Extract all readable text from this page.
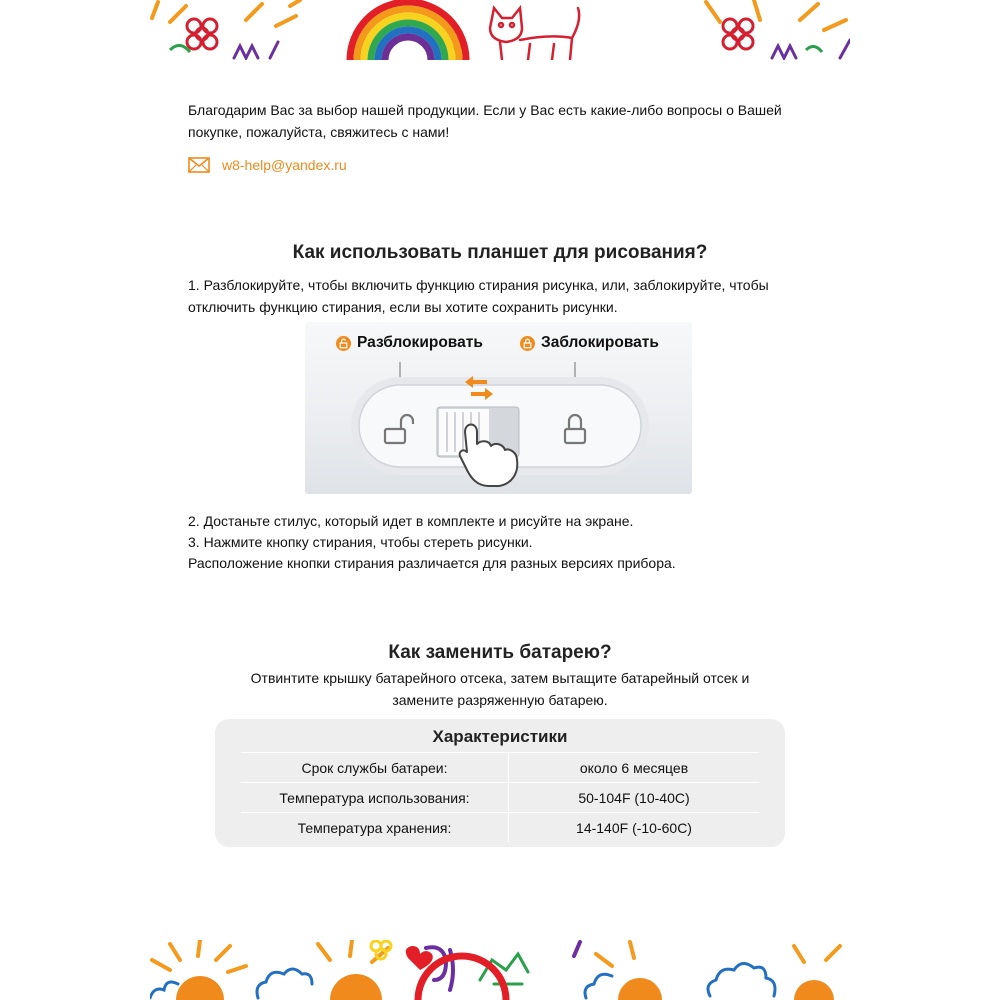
Благодарим Вас за выбор нашей продукции. Если у Вас есть какие-либо вопросы о Вашей покупке, пожалуйста, свяжитесь с нами!
w8-help@yandex.ru
Как использовать планшет для рисования?
1. Разблокируйте, чтобы включить функцию стирания рисунка, или, заблокируйте, чтобы отключить функцию стирания, если вы хотите сохранить рисунки.
Разблокировать	Заблокировать
2. Достаньте стилус, который идет в комплекте и рисуйте на экране.
3. Нажмите кнопку стирания, чтобы стереть рисунки.
Расположение кнопки стирания различается для разных версиях прибора.
Как заменить батарею?
Отвинтите крышку батарейного отсека, затем вытащите батарейный отсек и
замените разряженную батарею.
Характеристики
Срок службы батареи:	около 6 месяцев
Температура использования:	50-104F (10-40C)
Температура хранения:	14-140F (-10-60C)
